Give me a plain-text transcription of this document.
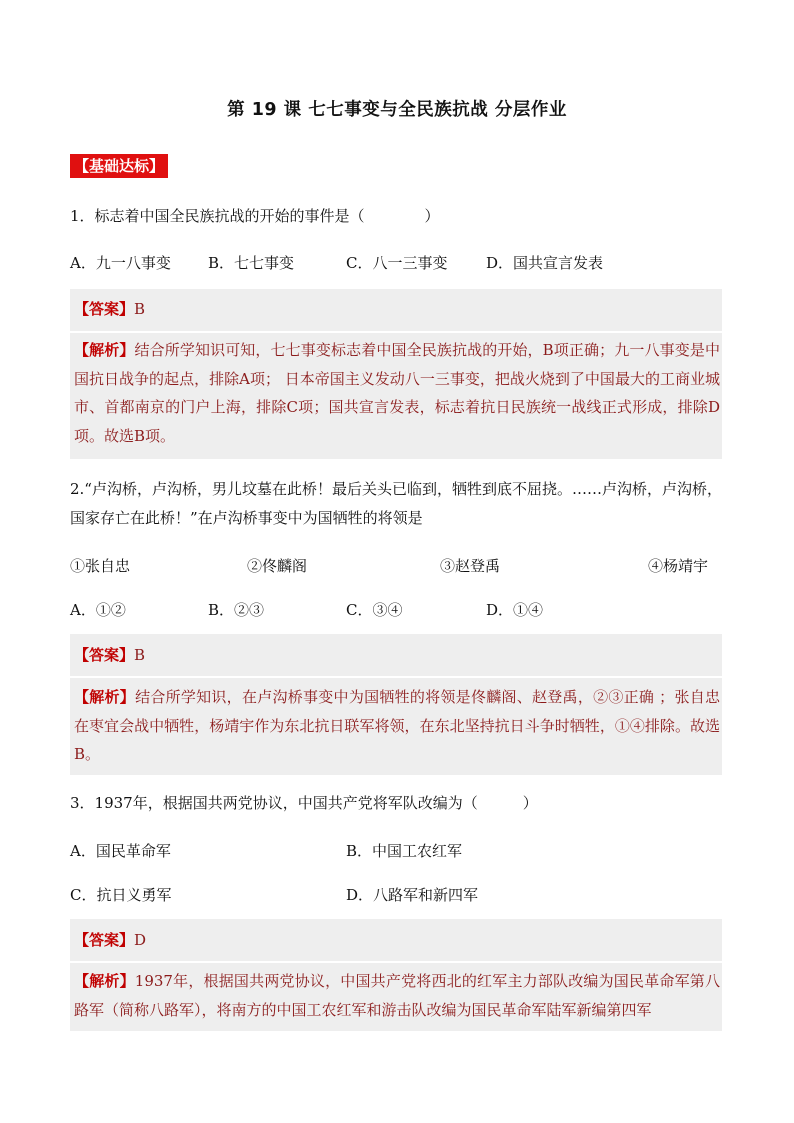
第 19 课 七七事变与全民族抗战 分层作业
【基础达标】
1．标志着中国全民族抗战的开始的事件是（　　　　）
A．九一八事变 B．七七事变	C．八一三事变	D．国共宣言发表
【答案】B
【解析】结合所学知识可知，七七事变标志着中国全民族抗战的开始，B项正确；九一八事变是中国抗日战争的起点，排除A项； 日本帝国主义发动八一三事变，把战火烧到了中国最大的工商业城市、首都南京的门户上海，排除C项；国共宣言发表，标志着抗日民族统一战线正式形成，排除D项。故选B项。
2.“卢沟桥，卢沟桥，男儿坟墓在此桥！最后关头已临到，牺牲到底不屈挠。……卢沟桥，卢沟桥，国家存亡在此桥！”在卢沟桥事变中为国牺牲的将领是
①张自忠	②佟麟阁	③赵登禹	④杨靖宇
A．①②	B．②③	C．③④	D．①④
【答案】B
【解析】结合所学知识，在卢沟桥事变中为国牺牲的将领是佟麟阁、赵登禹，②③正确 ；张自忠在枣宜会战中牺牲，杨靖宇作为东北抗日联军将领，在东北坚持抗日斗争时牺牲，①④排除。故选B。
3．1937年，根据国共两党协议，中国共产党将军队改编为（　　　）
A．国民革命军	B．中国工农红军
C．抗日义勇军	D．八路军和新四军
【答案】D
【解析】1937年，根据国共两党协议，中国共产党将西北的红军主力部队改编为国民革命军第八路军（简称八路军），将南方的中国工农红军和游击队改编为国民革命军陆军新编第四军
